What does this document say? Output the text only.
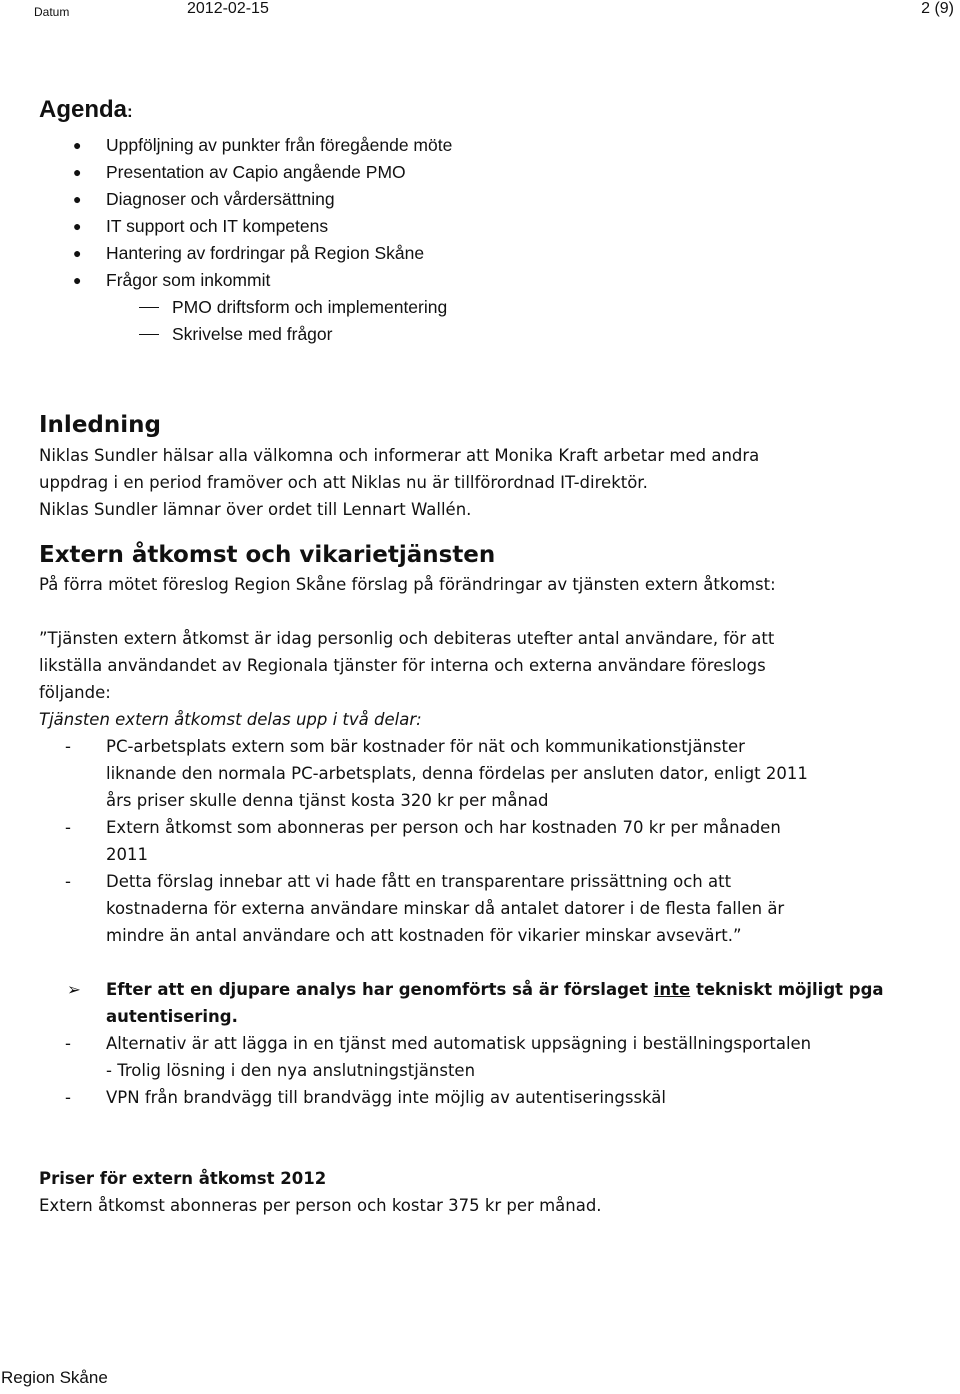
Datum	2012-02-15	2 (9)
Agenda:
● Uppföljning av punkter från föregående möte
● Presentation av Capio angående PMO
● Diagnoser och vårdersättning
● IT support och IT kompetens
● Hantering av fordringar på Region Skåne
● Frågor som inkommit
PMO driftsform och implementering
Skrivelse med frågor
Inledning

Niklas Sundler hälsar alla välkomna och informerar att Monika Kraft arbetar med andra

uppdrag i en period framöver och att Niklas nu är tillförordnad IT-direktör.

Niklas Sundler lämnar över ordet till Lennart Wallén.

Extern åtkomst och vikarietjänsten

På förra mötet föreslog Region Skåne förslag på förändringar av tjänsten extern åtkomst:

”Tjänsten extern åtkomst är idag personlig och debiteras utefter antal användare, för att

likställa användandet av Regionala tjänster för interna och externa användare föreslogs

följande:

Tjänsten extern åtkomst delas upp i två delar:

- PC-arbetsplats extern som bär kostnader för nät och kommunikationstjänster
liknande den normala PC-arbetsplats, denna fördelas per ansluten dator, enligt 2011
års priser skulle denna tjänst kosta 320 kr per månad
- Extern åtkomst som abonneras per person och har kostnaden 70 kr per månaden
2011
- Detta förslag innebar att vi hade fått en transparentare prissättning och att
kostnaderna för externa användare minskar då antalet datorer i de flesta fallen är
mindre än antal användare och att kostnaden för vikarier minskar avsevärt.”
➢ Efter att en djupare analys har genomförts så är förslaget inte tekniskt möjligt pga
autentisering.
- Alternativ är att lägga in en tjänst med automatisk uppsägning i beställningsportalen
- Trolig lösning i den nya anslutningstjänsten
- VPN från brandvägg till brandvägg inte möjlig av autentiseringsskäl
Priser för extern åtkomst 2012

Extern åtkomst abonneras per person och kostar 375 kr per månad.

Region Skåne
